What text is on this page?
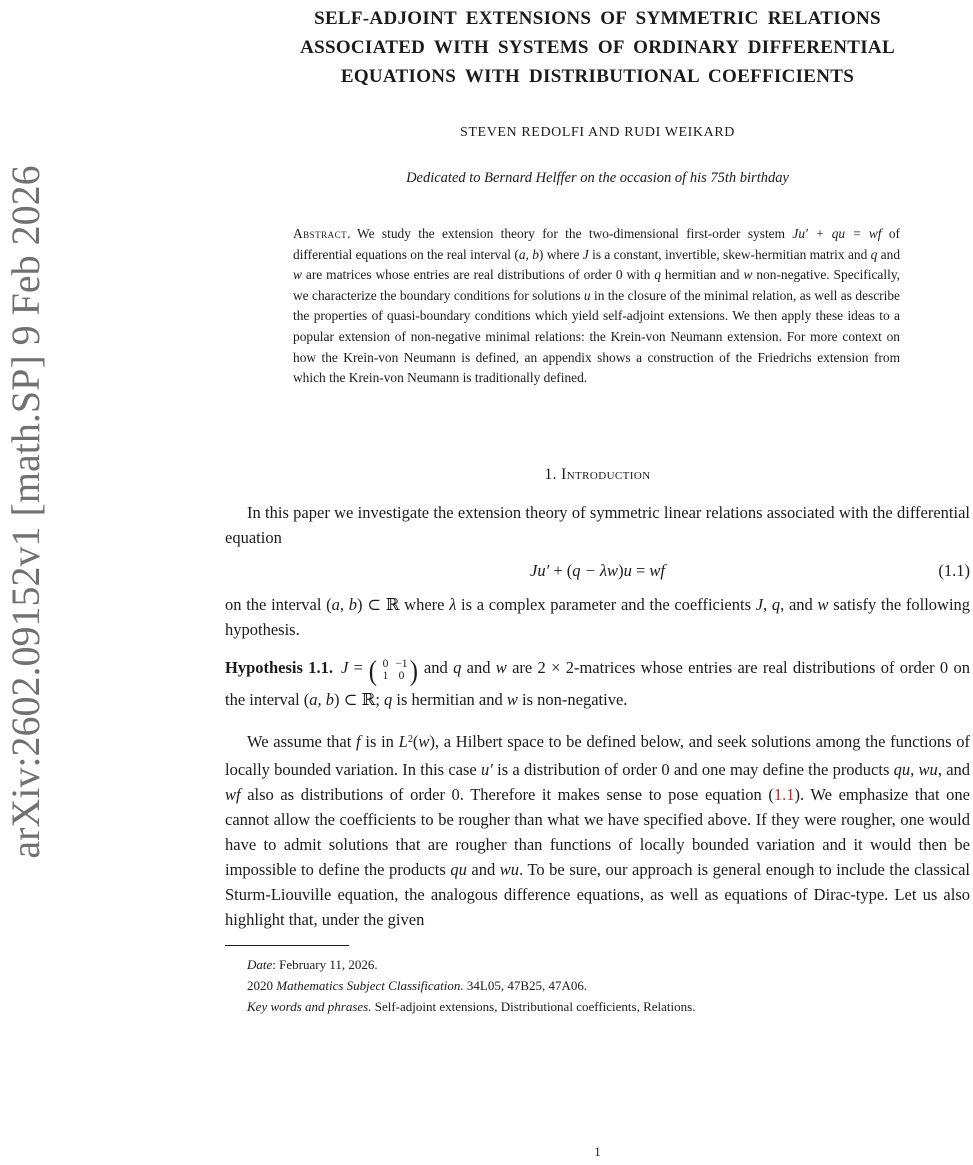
arXiv:2602.09152v1 [math.SP] 9 Feb 2026
SELF-ADJOINT EXTENSIONS OF SYMMETRIC RELATIONS
ASSOCIATED WITH SYSTEMS OF ORDINARY DIFFERENTIAL
EQUATIONS WITH DISTRIBUTIONAL COEFFICIENTS
STEVEN REDOLFI AND RUDI WEIKARD
Dedicated to Bernard Helffer on the occasion of his 75th birthday
Abstract. We study the extension theory for the two-dimensional first-order system Ju′ + qu = wf of differential equations on the real interval (a, b) where J is a constant, invertible, skew-hermitian matrix and q and w are matrices whose entries are real distributions of order 0 with q hermitian and w non-negative. Specifically, we characterize the boundary conditions for solutions u in the closure of the minimal relation, as well as describe the properties of quasi-boundary conditions which yield self-adjoint extensions. We then apply these ideas to a popular extension of non-negative minimal relations: the Krein-von Neumann extension. For more context on how the Krein-von Neumann is defined, an appendix shows a construction of the Friedrichs extension from which the Krein-von Neumann is traditionally defined.
1. Introduction

In this paper we investigate the extension theory of symmetric linear relations associated with the differential equation

Ju′ + (q − λw)u = wf	(1.1)

on the interval (a, b) ⊂ ℝ where λ is a complex parameter and the coefficients J, q, and w satisfy the following hypothesis.

Hypothesis 1.1. J = ( 0 −1
1 0 ) and q and w are 2 × 2-matrices whose entries are real distributions of order 0 on the interval (a, b) ⊂ ℝ; q is hermitian and w is non-negative.

We assume that f is in $L^2(w)$, a Hilbert space to be defined below, and seek solutions among the functions of locally bounded variation. In this case u′ is a distribution of order 0 and one may define the products qu, wu, and wf also as distributions of order 0. Therefore it makes sense to pose equation (1.1). We emphasize that one cannot allow the coefficients to be rougher than what we have specified above. If they were rougher, one would have to admit solutions that are rougher than functions of locally bounded variation and it would then be impossible to define the products qu and wu. To be sure, our approach is general enough to include the classical Sturm-Liouville equation, the analogous difference equations, as well as equations of Dirac-type. Let us also highlight that, under the given

Date: February 11, 2026.

2020 Mathematics Subject Classification. 34L05, 47B25, 47A06.

Key words and phrases. Self-adjoint extensions, Distributional coefficients, Relations.

1
